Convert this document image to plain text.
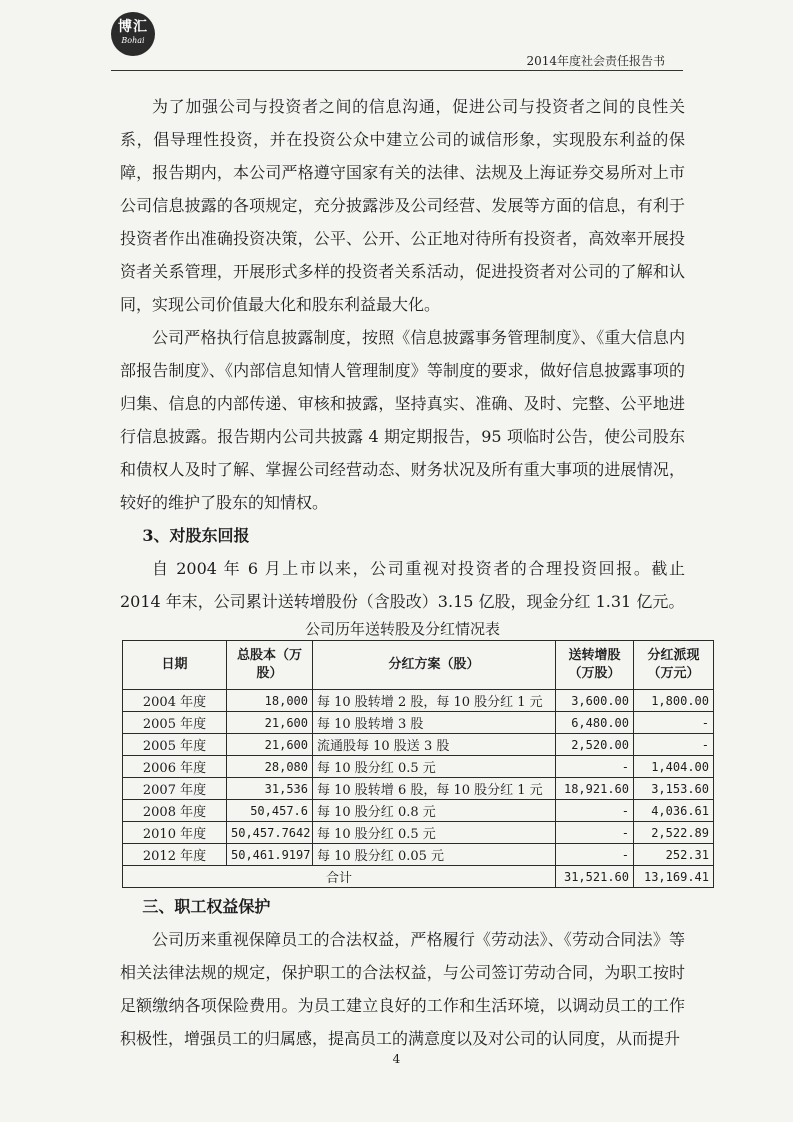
博汇
Bohai
2014年度社会责任报告书

为了加强公司与投资者之间的信息沟通，促进公司与投资者之间的良性关系，倡导理性投资，并在投资公众中建立公司的诚信形象，实现股东利益的保障，报告期内，本公司严格遵守国家有关的法律、法规及上海证券交易所对上市公司信息披露的各项规定，充分披露涉及公司经营、发展等方面的信息，有利于投资者作出准确投资决策，公平、公开、公正地对待所有投资者，高效率开展投资者关系管理，开展形式多样的投资者关系活动，促进投资者对公司的了解和认同，实现公司价值最大化和股东利益最大化。

公司严格执行信息披露制度，按照《信息披露事务管理制度》、《重大信息内部报告制度》、《内部信息知情人管理制度》等制度的要求，做好信息披露事项的归集、信息的内部传递、审核和披露，坚持真实、准确、及时、完整、公平地进行信息披露。报告期内公司共披露 4 期定期报告，95 项临时公告，使公司股东和债权人及时了解、掌握公司经营动态、财务状况及所有重大事项的进展情况，较好的维护了股东的知情权。

3、对股东回报

自 2004 年 6 月上市以来，公司重视对投资者的合理投资回报。截止 2014 年末，公司累计送转增股份（含股改）3.15 亿股，现金分红 1.31 亿元。

公司历年送转股及分红情况表

日期	总股本（万股）	分红方案（股）	送转增股（万股）	分红派现（万元）
2004 年度	18,000	每 10 股转增 2 股，每 10 股分红 1 元	3,600.00	1,800.00
2005 年度	21,600	每 10 股转增 3 股	6,480.00	-
2005 年度	21,600	流通股每 10 股送 3 股	2,520.00	-
2006 年度	28,080	每 10 股分红 0.5 元	-	1,404.00
2007 年度	31,536	每 10 股转增 6 股，每 10 股分红 1 元	18,921.60	3,153.60
2008 年度	50,457.6	每 10 股分红 0.8 元	-	4,036.61
2010 年度	50,457.7642	每 10 股分红 0.5 元	-	2,522.89
2012 年度	50,461.9197	每 10 股分红 0.05 元	-	252.31
合计			31,521.60	13,169.41

三、职工权益保护

公司历来重视保障员工的合法权益，严格履行《劳动法》、《劳动合同法》等相关法律法规的规定，保护职工的合法权益，与公司签订劳动合同，为职工按时足额缴纳各项保险费用。为员工建立良好的工作和生活环境，以调动员工的工作积极性，增强员工的归属感，提高员工的满意度以及对公司的认同度，从而提升

4
